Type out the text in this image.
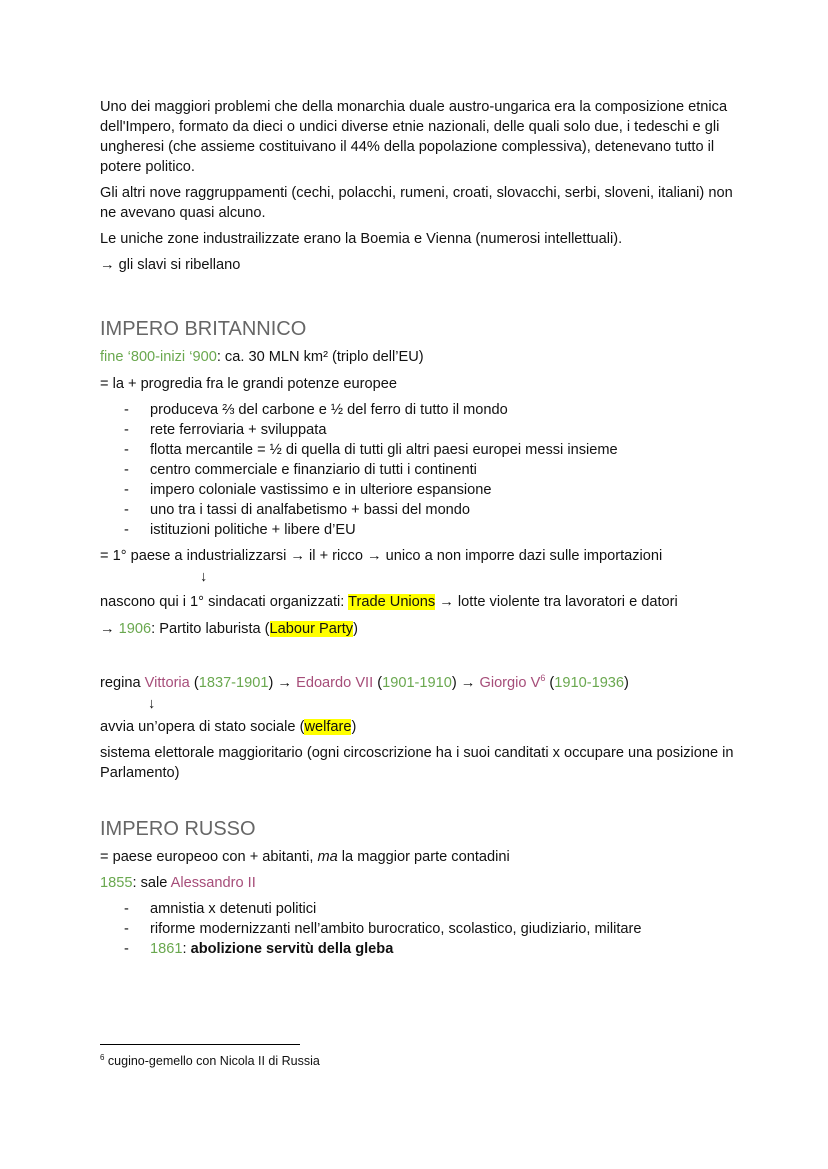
Uno dei maggiori problemi che della monarchia duale austro-ungarica era la composizione etnica dell'Impero, formato da dieci o undici diverse etnie nazionali, delle quali solo due, i tedeschi e gli ungheresi (che assieme costituivano il 44% della popolazione complessiva), detenevano tutto il potere politico.

Gli altri nove raggruppamenti (cechi, polacchi, rumeni, croati, slovacchi, serbi, sloveni, italiani) non ne avevano quasi alcuno.

Le uniche zone industrailizzate erano la Boemia e Vienna (numerosi intellettuali).

→ gli slavi si ribellano

IMPERO BRITANNICO

fine ‘800-inizi ‘900: ca. 30 MLN km² (triplo dell’EU)

= la + progredia fra le grandi potenze europee

- produceva ⅔ del carbone e ½ del ferro di tutto il mondo
- rete ferroviaria + sviluppata
- flotta mercantile = ½ di quella di tutti gli altri paesi europei messi insieme
- centro commerciale e finanziario di tutti i continenti
- impero coloniale vastissimo e in ulteriore espansione
- uno tra i tassi di analfabetismo + bassi del mondo
- istituzioni politiche + libere d’EU

= 1° paese a industrializzarsi → il + ricco → unico a non imporre dazi sulle importazioni

↓

nascono qui i 1° sindacati organizzati: Trade Unions → lotte violente tra lavoratori e datori

→ 1906: Partito laburista (Labour Party)

regina Vittoria (1837-1901) → Edoardo VII (1901-1910) → Giorgio $V^6$ (1910-1936)

↓

avvia un’opera di stato sociale (welfare)

sistema elettorale maggioritario (ogni circoscrizione ha i suoi canditati x occupare una posizione in Parlamento)

IMPERO RUSSO

= paese europeoo con + abitanti, ma la maggior parte contadini

1855: sale Alessandro II

- amnistia x detenuti politici
- riforme modernizzanti nell’ambito burocratico, scolastico, giudiziario, militare
- 1861: abolizione servitù della gleba

$^6$ cugino-gemello con Nicola II di Russia
